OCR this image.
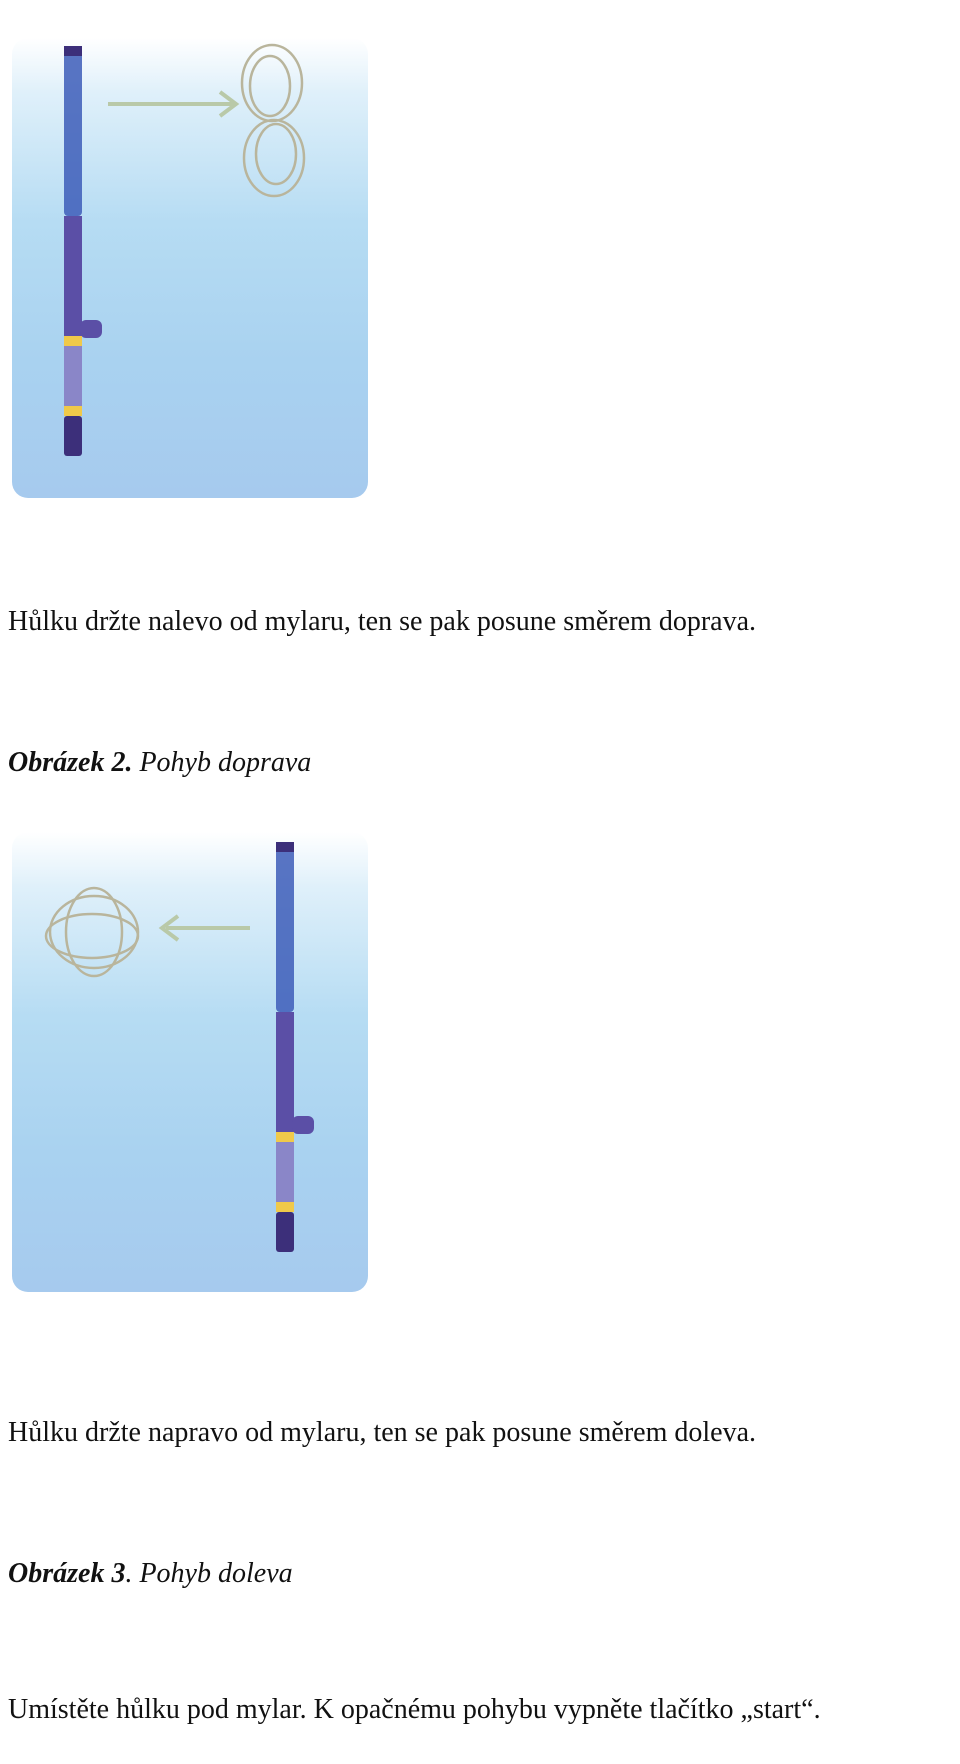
Hůlku držte nalevo od mylaru, ten se pak posune směrem doprava.

Obrázek 2. Pohyb doprava

Hůlku držte napravo od mylaru, ten se pak posune směrem doleva.

Obrázek 3. Pohyb doleva

Umístěte hůlku pod mylar. K opačnému pohybu vypněte tlačítko „start“.
